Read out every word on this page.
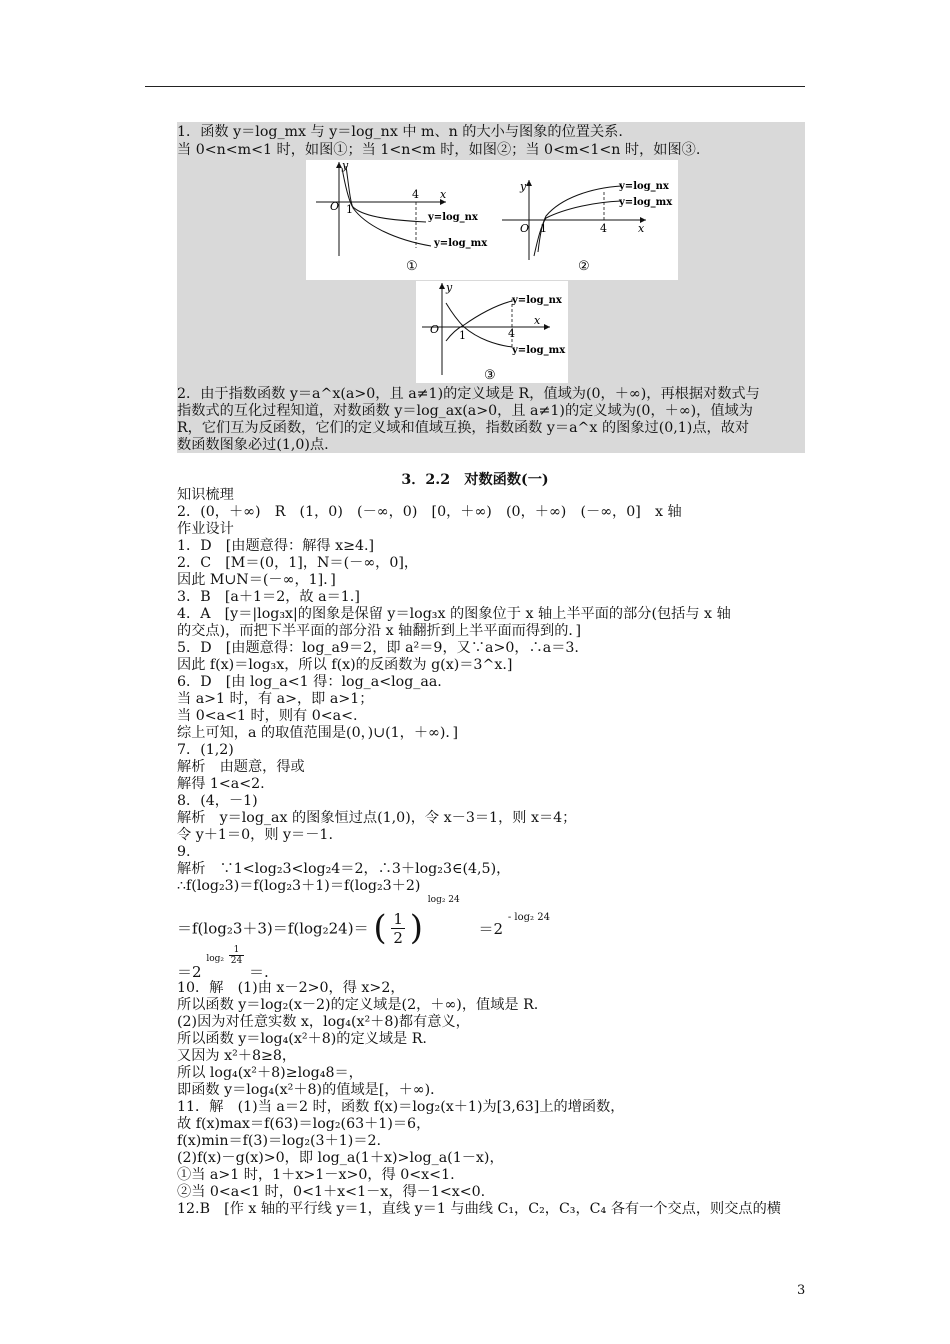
1．函数 y＝log_mx 与 y＝log_nx 中 m、n 的大小与图象的位置关系.
当 0<n<m<1 时，如图①；当 1<n<m 时，如图②；当 0<m<1<n 时，如图③.
O
y
x
1
4
y=log_nx
y=log_mx
①
O
y
x
1	4
y=log_nx
y=log_mx
②
O
y
x
1	4
y=log_nx
y=log_mx
③
2．由于指数函数 y＝a^x(a>0，且 a≠1)的定义域是 R，值域为(0，＋∞)，再根据对数式与
指数式的互化过程知道，对数函数 y＝log_ax(a>0，且 a≠1)的定义域为(0，＋∞)，值域为
R，它们互为反函数，它们的定义域和值域互换，指数函数 y＝a^x 的图象过(0,1)点，故对
数函数图象必过(1,0)点.
3．2.2　对数函数(一)
知识梳理
2．(0，＋∞)　R　(1，0)　(－∞，0)　[0，＋∞)　(0，＋∞)　(－∞，0]　x 轴
作业设计
1．D　[由题意得：解得 x≥4.]
2．C　[M＝(0，1]，N＝(－∞，0]，
因此 M∪N＝(－∞，1]．]
3．B　[a＋1＝2，故 a＝1.]
4．A　[y＝|log₃x|的图象是保留 y＝log₃x 的图象位于 x 轴上半平面的部分(包括与 x 轴
的交点)，而把下半平面的部分沿 x 轴翻折到上半平面而得到的．]
5．D　[由题意得：log_a9＝2，即 a²＝9，又∵a>0，∴a＝3.
因此 f(x)＝log₃x，所以 f(x)的反函数为 g(x)＝3^x.]
6．D　[由 log_a<1 得：log_a<log_aa.
当 a>1 时，有 a>，即 a>1；
当 0<a<1 时，则有 0<a<.
综上可知，a 的取值范围是(0，)∪(1，＋∞)．]
7．(1,2)
解析　由题意，得或
解得 1<a<2.
8．(4，－1)
解析　y＝log_ax 的图象恒过点(1,0)，令 x－3＝1，则 x＝4；
令 y＋1＝0，则 y＝－1.
9.
解析　∵1<log₂3<log₂4＝2，∴3＋log₂3∈(4,5)，
∴f(log₂3)＝f(log₂3＋1)＝f(log₂3＋2)
＝f(log₂3＋3)＝f(log₂24)＝ ( $\frac{1}{2}$ ) $^{log_2 24}$ ＝2 $^{- log_2 24}$
＝2 $^{log_2} \frac{1}{24}$
＝.
10．解　(1)由 x－2>0，得 x>2，
所以函数 y＝log₂(x－2)的定义域是(2，＋∞)，值域是 R.
(2)因为对任意实数 x，log₄(x²＋8)都有意义，
所以函数 y＝log₄(x²＋8)的定义域是 R.
又因为 x²＋8≥8，
所以 log₄(x²＋8)≥log₄8＝，
即函数 y＝log₄(x²＋8)的值域是[，＋∞)．
11．解　(1)当 a＝2 时，函数 f(x)＝log₂(x＋1)为[3,63]上的增函数，
故 f(x)max＝f(63)＝log₂(63＋1)＝6，
f(x)min＝f(3)＝log₂(3＋1)＝2.
(2)f(x)－g(x)>0，即 log_a(1＋x)>log_a(1－x)，
①当 a>1 时，1＋x>1－x>0，得 0<x<1.
②当 0<a<1 时，0<1＋x<1－x，得－1<x<0.
12.B　[作 x 轴的平行线 y＝1，直线 y＝1 与曲线 C₁，C₂，C₃，C₄ 各有一个交点，则交点的横
3
